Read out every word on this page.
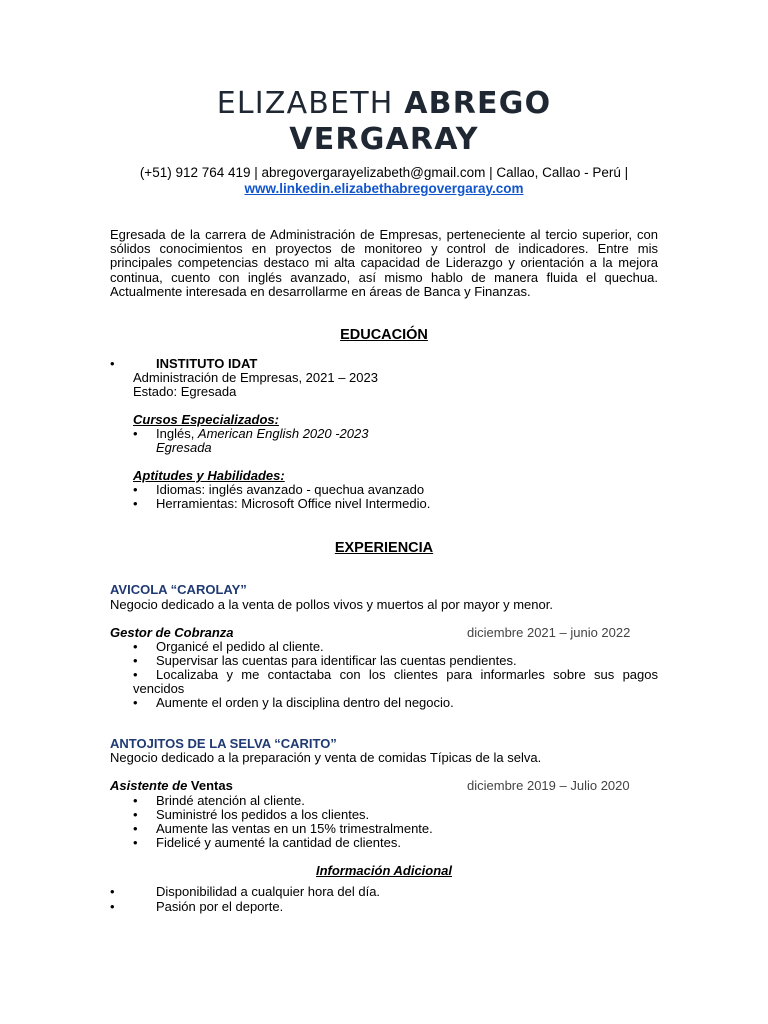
ELIZABETH ABREGO
VERGARAY
(+51) 912 764 419 | abregovergarayelizabeth@gmail.com | Callao, Callao - Perú |
www.linkedin.elizabethabregovergaray.com
Egresada de la carrera de Administración de Empresas, perteneciente al tercio superior, con sólidos conocimientos en proyectos de monitoreo y control de indicadores. Entre mis principales competencias destaco mi alta capacidad de Liderazgo y orientación a la mejora continua, cuento con inglés avanzado, así mismo hablo de manera fluida el quechua. Actualmente interesada en desarrollarme en áreas de Banca y Finanzas.
EDUCACIÓN
•	INSTITUTO IDAT
Administración de Empresas, 2021 – 2023
Estado: Egresada
Cursos Especializados:
• Inglés, American English 2020 -2023
Egresada
Aptitudes y Habilidades:
• Idiomas: inglés avanzado - quechua avanzado
• Herramientas: Microsoft Office nivel Intermedio.
EXPERIENCIA
AVICOLA “CAROLAY”
Negocio dedicado a la venta de pollos vivos y muertos al por mayor y menor.
Gestor de Cobranza	diciembre 2021 – junio 2022
• Organicé el pedido al cliente.
• Supervisar las cuentas para identificar las cuentas pendientes.
• Localizaba y me contactaba con los clientes para informarles sobre sus pagos
vencidos
• Aumente el orden y la disciplina dentro del negocio.
ANTOJITOS DE LA SELVA “CARITO”
Negocio dedicado a la preparación y venta de comidas Típicas de la selva.
Asistente de Ventas	diciembre 2019 – Julio 2020
• Brindé atención al cliente.
• Suministré los pedidos a los clientes.
• Aumente las ventas en un 15% trimestralmente.
• Fidelicé y aumenté la cantidad de clientes.
Información Adicional
•	Disponibilidad a cualquier hora del día.
•	Pasión por el deporte.
